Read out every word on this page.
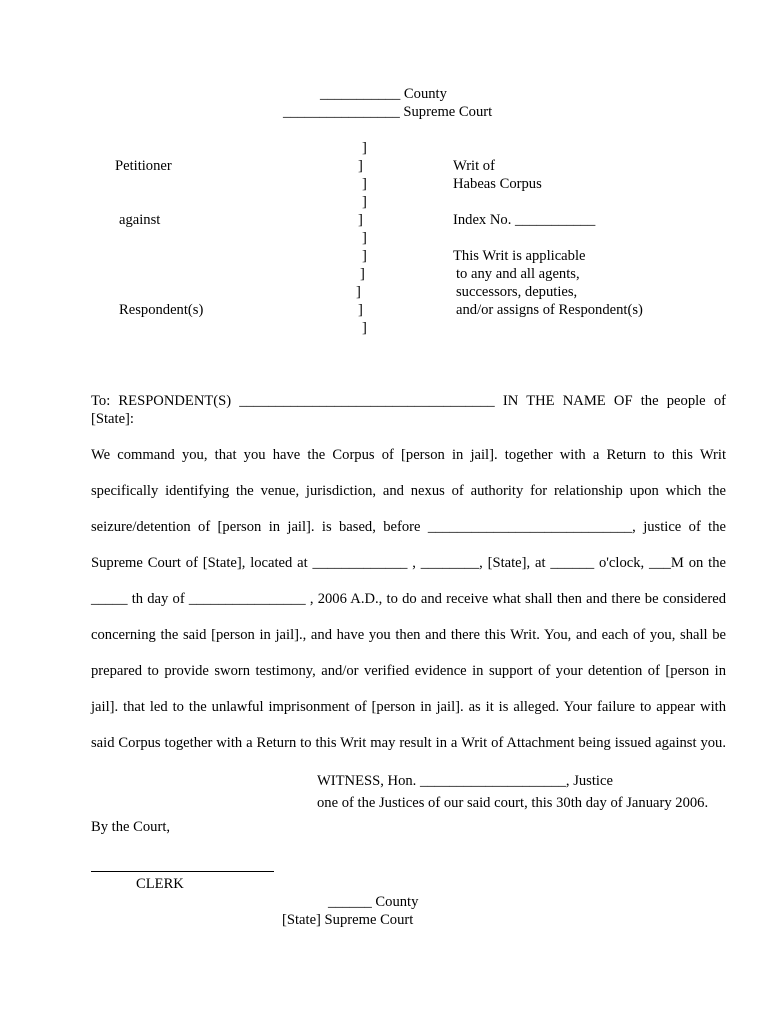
___________ County
________________ Supreme Court
]
]
]
]
]
]
]
]
]
]
]
Petitioner
against
Respondent(s)
Writ of
Habeas Corpus
Index No. ___________
This Writ is applicable
to any and all agents,
successors, deputies,
and/or assigns of Respondent(s)
To: RESPONDENT(S) ___________________________________ IN THE NAME OF the people of
[State]:
We command you, that you have the Corpus of [person in jail]. together with a Return to this Writ
specifically identifying the venue, jurisdiction, and nexus of authority for relationship upon which the
seizure/detention of [person in jail]. is based, before ____________________________, justice of the
Supreme Court of [State], located at _____________ , ________, [State], at ______ o'clock, ___M on the
_____ th day of ________________ , 2006 A.D., to do and receive what shall then and there be considered
concerning the said [person in jail]., and have you then and there this Writ. You, and each of you, shall be
prepared to provide sworn testimony, and/or verified evidence in support of your detention of [person in
jail]. that led to the unlawful imprisonment of [person in jail]. as it is alleged. Your failure to appear with
said Corpus together with a Return to this Writ may result in a Writ of Attachment being issued against you.
WITNESS, Hon. ____________________, Justice
one of the Justices of our said court, this 30th day of January 2006.
By the Court,
CLERK
______ County
[State] Supreme Court
